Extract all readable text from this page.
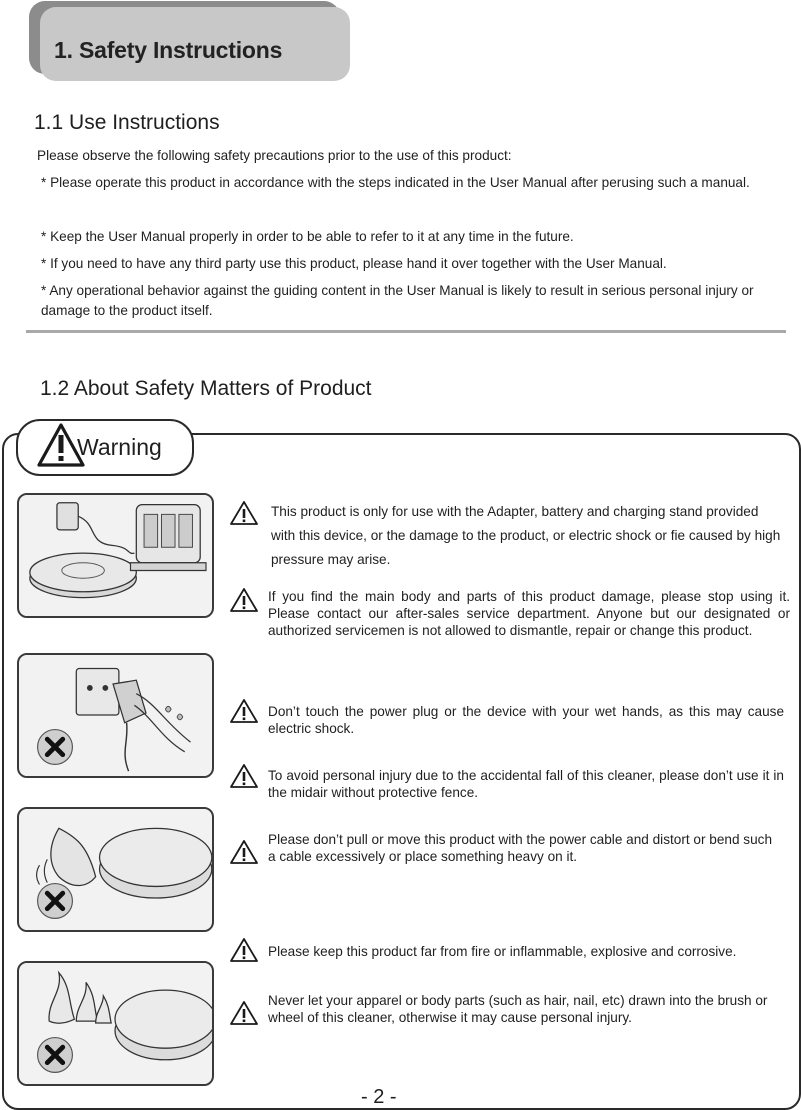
1. Safety Instructions
1.1 Use Instructions
Please observe the following safety precautions prior to the use of this product:
* Please operate this product in accordance with the steps indicated in the User Manual after perusing such a manual.
* Keep the User Manual properly in order to be able to refer to it at any time in the future.
* If you need to have any third party use this product, please hand it over together with the User Manual.
* Any operational behavior against the guiding content in the User Manual is likely to result in serious personal injury or damage to the product itself.
1.2 About Safety Matters of Product
Warning
This product is only for use with the Adapter, battery and charging stand provided with this device, or the damage to the product, or electric shock or fie caused by high pressure may arise.
If you find the main body and parts of this product damage, please stop using it. Please contact our after-sales service department. Anyone but our designated or authorized servicemen is not allowed to dismantle, repair or change this product.
Don’t touch the power plug or the device with your wet hands, as this may cause electric shock.
To avoid personal injury due to the accidental fall of this cleaner, please don’t use it in the midair without protective fence.
Please don’t pull or move this product with the power cable and distort or bend such a cable excessively or place something heavy on it.
Please keep this product far from fire or inflammable, explosive and corrosive.
Never let your apparel or body parts (such as hair, nail, etc) drawn into the brush or wheel of this cleaner, otherwise it may cause personal injury.
- 2 -
